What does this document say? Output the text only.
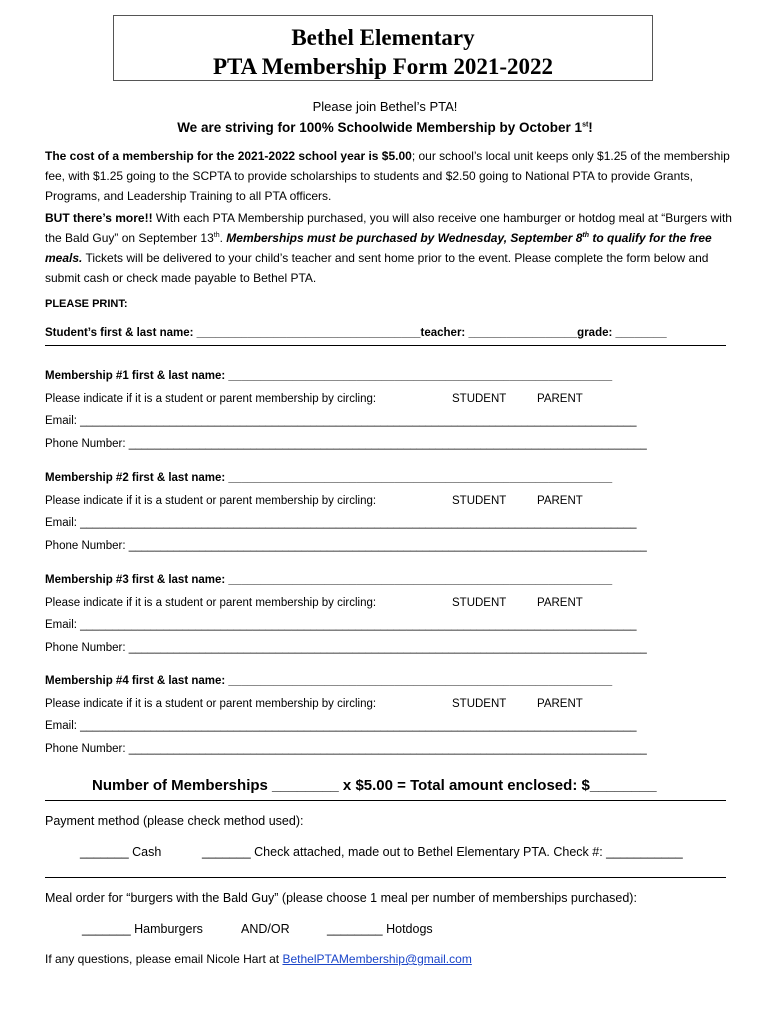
Bethel Elementary
PTA Membership Form 2021-2022
Please join Bethel’s PTA!
We are striving for 100% Schoolwide Membership by October 1st!
The cost of a membership for the 2021-2022 school year is $5.00; our school’s local unit keeps only $1.25 of the membership fee, with $1.25 going to the SCPTA to provide scholarships to students and $2.50 going to National PTA to provide Grants, Programs, and Leadership Training to all PTA officers.
BUT there’s more!! With each PTA Membership purchased, you will also receive one hamburger or hotdog meal at “Burgers with the Bald Guy” on September 13th. Memberships must be purchased by Wednesday, September 8th to qualify for the free meals. Tickets will be delivered to your child’s teacher and sent home prior to the event. Please complete the form below and submit cash or check made payable to Bethel PTA.
PLEASE PRINT:
Student’s first & last name: ___________________________________teacher: _________________grade: ________
Membership #1 first & last name: ____________________________________________________________
Please indicate if it is a student or parent membership by circling:	STUDENT	PARENT
Email: _______________________________________________________________________________________
Phone Number: _________________________________________________________________________________
Membership #2 first & last name: ____________________________________________________________
Please indicate if it is a student or parent membership by circling:	STUDENT	PARENT
Email: _______________________________________________________________________________________
Phone Number: _________________________________________________________________________________
Membership #3 first & last name: ____________________________________________________________
Please indicate if it is a student or parent membership by circling:	STUDENT	PARENT
Email: _______________________________________________________________________________________
Phone Number: _________________________________________________________________________________
Membership #4 first & last name: ____________________________________________________________
Please indicate if it is a student or parent membership by circling:	STUDENT	PARENT
Email: _______________________________________________________________________________________
Phone Number: _________________________________________________________________________________
Number of Memberships ________ x $5.00 = Total amount enclosed: $________
Payment method (please check method used):
_______ Cash	_______ Check attached, made out to Bethel Elementary PTA. Check #: ___________
Meal order for “burgers with the Bald Guy” (please choose 1 meal per number of memberships purchased):
_______ Hamburgers	AND/OR	________ Hotdogs
If any questions, please email Nicole Hart at BethelPTAMembership@gmail.com
